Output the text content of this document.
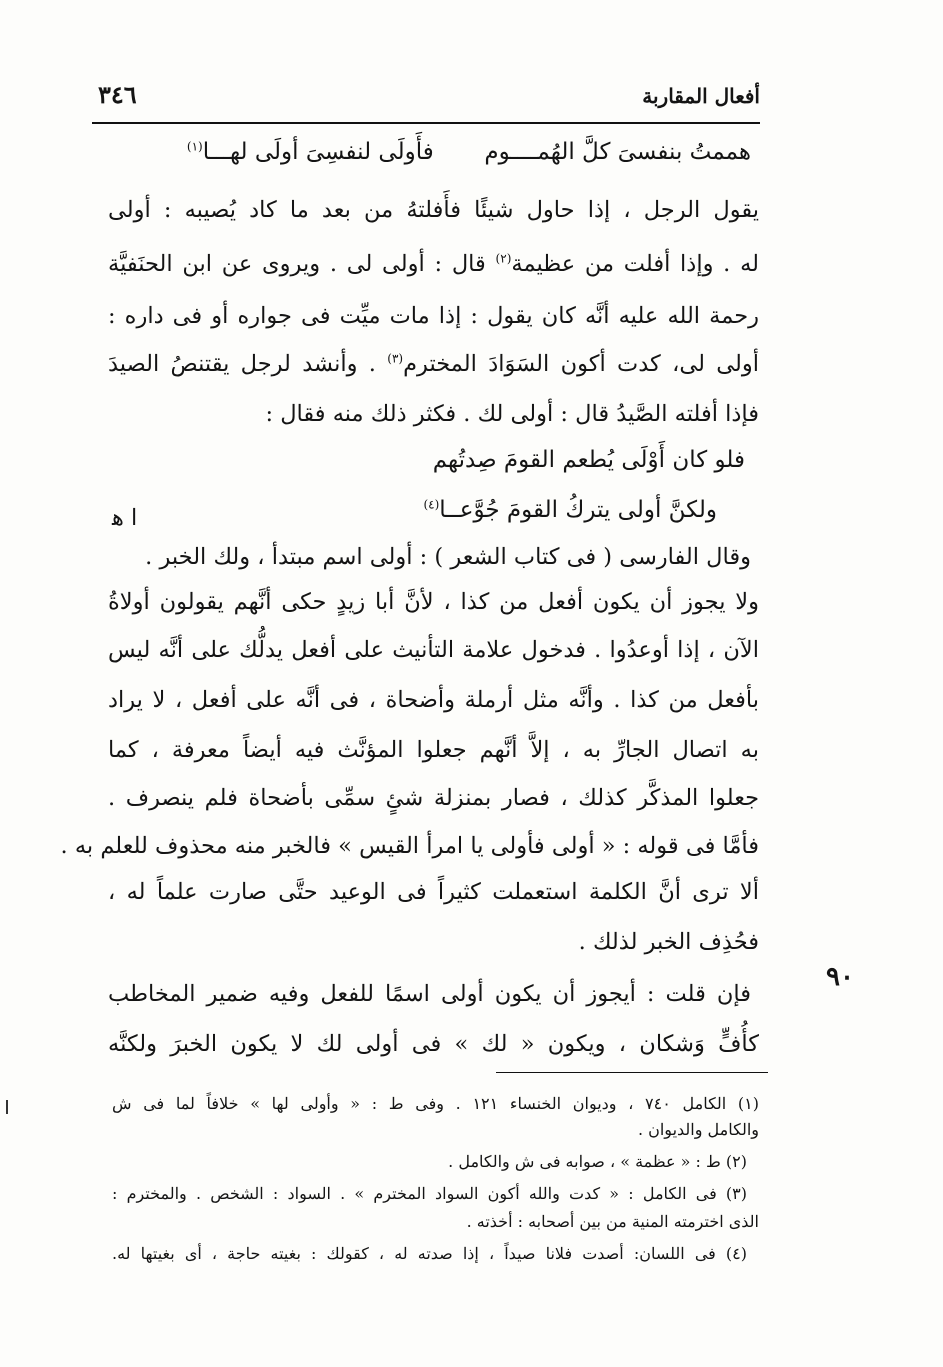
أفعال المقاربة
٣٤٦
هممتُ بنفسىَ كلَّ الهُمــــوم  فأَولَى لنفسِىَ أولَى لهـــا$^{(١)}$
يقول الرجل ، إذا حاول شيئًا فأَفلتهُ من بعد ما كاد يُصيبه : أولى
له . وإذا أفلت من عظيمة$^{(٢)}$ قال : أولى لى . ويروى عن ابن الحنَفيَّة
رحمة الله عليه أنَّه كان يقول : إذا مات ميِّت فى جواره أو فى داره :
أولى لى، كدت أكون السَوَادَ المخترم$^{(٣)}$ . وأنشد لرجل يقتنصُ الصيدَ
فإذا أفلته الصَّيدُ قال : أولى لك . فكثر ذلك منه فقال :
فلو كان أَوْلَى يُطعم القومَ صِدتُهم
ولكنَّ أولى يتركُ القومَ جُوَّعــا$^{(٤)}$
ا ﻫ
وقال الفارسى ( فى كتاب الشعر ) : أولى اسم مبتدأ ، ولك الخبر .
ولا يجوز أن يكون أفعل من كذا ، لأنَّ أبا زيدٍ حكى أنَّهم يقولون أولاةُ
الآن ، إذا أوعدُوا . فدخول علامة التأنيث على أفعل يدلُّك على أنَّه ليس
بأفعل من كذا . وأنَّه مثل أرملة وأضحاة ، فى أنَّه على أفعل ، لا يراد
به اتصال الجارِّ به ، إلاَّ أنَّهم جعلوا المؤنَّث فيه أيضاً معرفة ، كما
جعلوا المذكَّر كذلك ، فصار بمنزلة شئٍ سمِّى بأضحاة فلم ينصرف .
فأمَّا فى قوله : « أولى فأولى يا امرأ القيس » فالخبر منه محذوف للعلم به .
ألا ترى أنَّ الكلمة استعملت كثيراً فى الوعيد حتَّى صارت علماً له ،
فحُذِف الخبر لذلك .
فإن قلت : أيجوز أن يكون أولى اسمًا للفعل وفيه ضمير المخاطب
كأُفٍّ وَشكان ، ويكون « لك » فى أولى لك لا يكون الخبرَ ولكنَّه
٩٠
(١) الكامل ٧٤٠ ، وديوان الخنساء ١٢١ . وفى ط : « وأولى لها » خلافاً لما فى ش
والكامل والديوان .
(٢) ط : « عظمة » ، صوابه فى ش والكامل .
(٣) فى الكامل : « كدت والله أكون السواد المخترم » . السواد : الشخص . والمخترم :
الذى اخترمته المنية من بين أصحابه : أخذته .
(٤) فى اللسان: أصدت فلانا صيداً ، إذا صدته له ، كقولك : بغيته حاجة ، أى بغيتها له.
